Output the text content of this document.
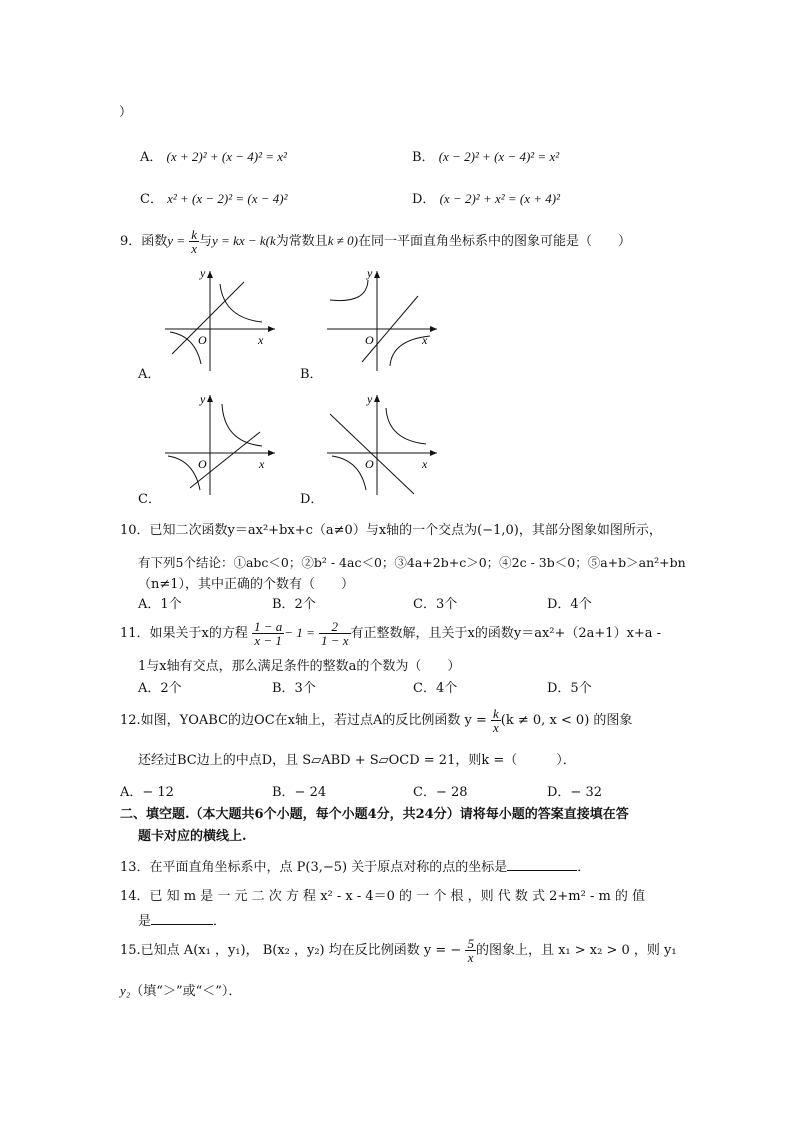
）
A． (x + 2)² + (x − 4)² = x²	B． (x − 2)² + (x − 4)² = x²
C． x² + (x − 2)² = (x − 4)²	D． (x − 2)² + x² = (x + 4)²
9．函数$y = \frac{k}{x}$ 与y = kx − k(k为常数且k ≠ 0)在同一平面直角坐标系中的图象可能是（　　）
y
x
O
y
x
O
y
x
O
y
x
O
A．	B．
C．	D．
10．已知二次函数y＝ax²+bx+c（a≠0）与x轴的一个交点为(−1,0)，其部分图象如图所示，
有下列5个结论：①abc＜0；②b² - 4ac＜0；③4a+2b+c＞0；④2c - 3b＜0；⑤a+b＞an²+bn
（n≠1），其中正确的个数有（　　）
A．1个	B．2个	C．3个	D．4个
11．如果关于x的方程 $\frac{1 - a}{x - 1} - 1 = \frac{2}{1 - x}$ 有正整数解，且关于x的函数y＝ax²+（2a+1）x+a -
1与x轴有交点，那么满足条件的整数a的个数为（　　）
A．2个	B．3个	C．4个	D．5个
12.如图，YOABC的边OC在x轴上，若过点A的反比例函数 $y = \frac{k}{x} (k \ne 0$, x < 0) 的图象
还经过BC边上的中点D，且 S▱ABD + S▱OCD = 21，则k =（　　　）．
A．− 12	B．− 24	C．− 28	D．− 32
二、填空题.（本大题共6个小题，每个小题4分，共24分）请将每小题的答案直接填在答
题卡对应的横线上.
13．在平面直角坐标系中，点 P(3,−5) 关于原点对称的点的坐标是	．
14．已 知 m 是 一 元 二 次 方 程 x² - x - 4＝0 的 一 个 根 ，则 代 数 式 2+m² - m 的 值
是	．
15.已知点 A(x₁ ，y₁)， B(x₂ ，y₂) 均在反比例函数 y = − $\frac{5}{x}$ 的图象上，且 x₁ > x₂ > 0 ，则 y₁
y₂（填“＞”或“＜”）．
